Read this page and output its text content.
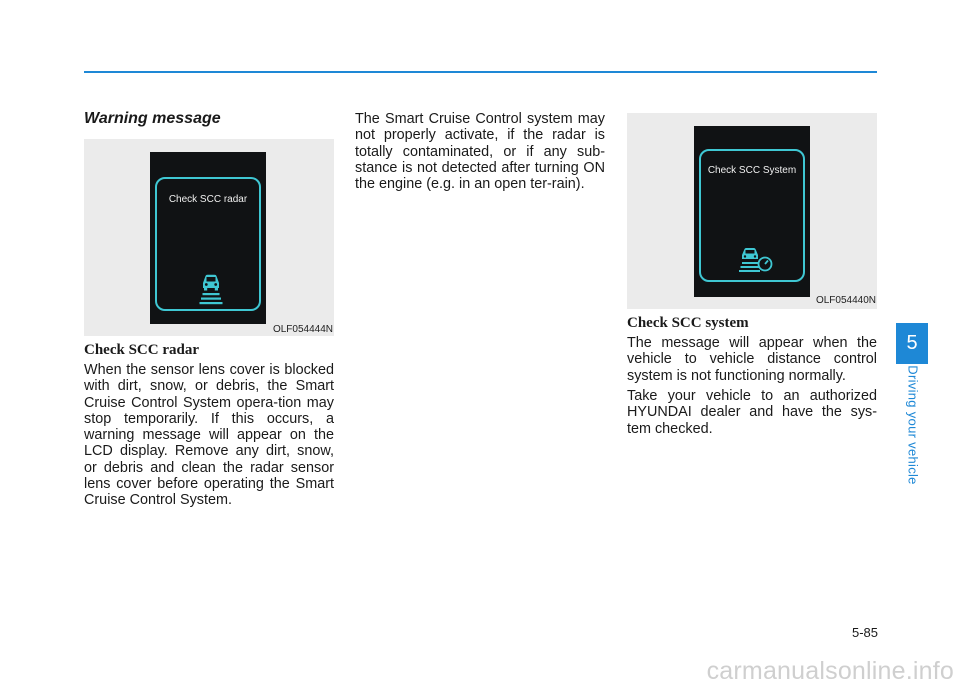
Warning message
Check SCC radar
OLF054444N
Check SCC System
OLF054440N
Check SCC radar

When the sensor lens cover is blocked with dirt, snow, or debris, the Smart Cruise Control System opera-tion may stop temporarily. If this occurs, a warning message will appear on the LCD display. Remove any dirt, snow, or debris and clean the radar sensor lens cover before operating the Smart Cruise Control System.

The Smart Cruise Control system may not properly activate, if the radar is totally contaminated, or if any sub-stance is not detected after turning ON the engine (e.g. in an open ter-rain).

Check SCC system

The message will appear when the vehicle to vehicle distance control system is not functioning normally.

Take your vehicle to an authorized HYUNDAI dealer and have the sys-tem checked.

5
Driving your vehicle
5-85
carmanualsonline.info
